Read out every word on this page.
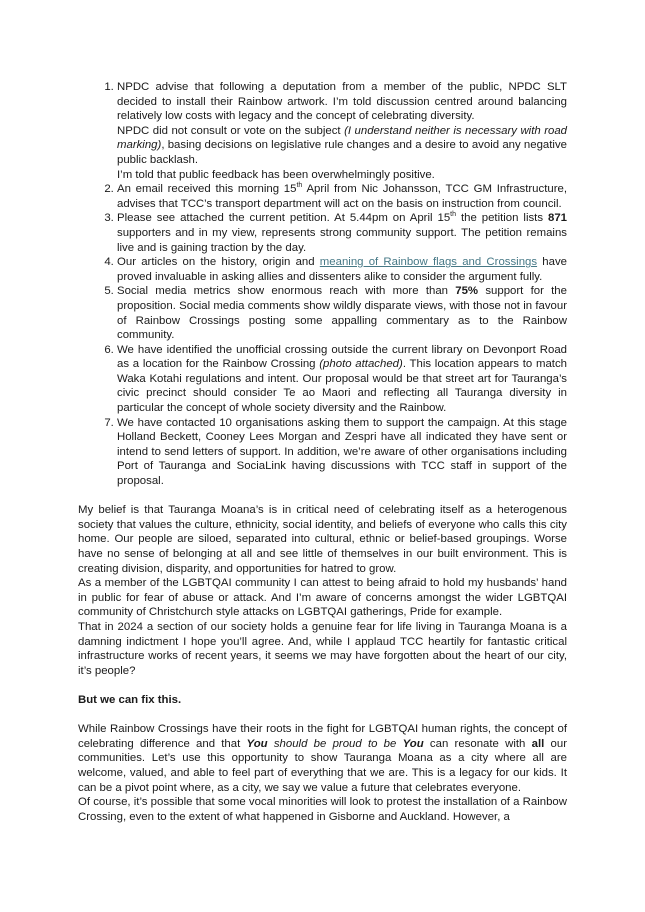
1. NPDC advise that following a deputation from a member of the public, NPDC SLT decided to install their Rainbow artwork. I’m told discussion centred around balancing relatively low costs with legacy and the concept of celebrating diversity.

NPDC did not consult or vote on the subject (I understand neither is necessary with road marking), basing decisions on legislative rule changes and a desire to avoid any negative public backlash.

I’m told that public feedback has been overwhelmingly positive.

2. An email received this morning 15th April from Nic Johansson, TCC GM Infrastructure, advises that TCC’s transport department will act on the basis on instruction from council.

3. Please see attached the current petition. At 5.44pm on April 15th the petition lists 871 supporters and in my view, represents strong community support. The petition remains live and is gaining traction by the day.

4. Our articles on the history, origin and meaning of Rainbow flags and Crossings have proved invaluable in asking allies and dissenters alike to consider the argument fully.

5. Social media metrics show enormous reach with more than 75% support for the proposition. Social media comments show wildly disparate views, with those not in favour of Rainbow Crossings posting some appalling commentary as to the Rainbow community.

6. We have identified the unofficial crossing outside the current library on Devonport Road as a location for the Rainbow Crossing (photo attached). This location appears to match Waka Kotahi regulations and intent. Our proposal would be that street art for Tauranga’s civic precinct should consider Te ao Maori and reflecting all Tauranga diversity in particular the concept of whole society diversity and the Rainbow.

7. We have contacted 10 organisations asking them to support the campaign. At this stage Holland Beckett, Cooney Lees Morgan and Zespri have all indicated they have sent or intend to send letters of support. In addition, we’re aware of other organisations including Port of Tauranga and SociaLink having discussions with TCC staff in support of the proposal.

My belief is that Tauranga Moana’s is in critical need of celebrating itself as a heterogenous society that values the culture, ethnicity, social identity, and beliefs of everyone who calls this city home. Our people are siloed, separated into cultural, ethnic or belief-based groupings. Worse have no sense of belonging at all and see little of themselves in our built environment. This is creating division, disparity, and opportunities for hatred to grow.

As a member of the LGBTQAI community I can attest to being afraid to hold my husbands’ hand in public for fear of abuse or attack. And I’m aware of concerns amongst the wider LGBTQAI community of Christchurch style attacks on LGBTQAI gatherings, Pride for example.

That in 2024 a section of our society holds a genuine fear for life living in Tauranga Moana is a damning indictment I hope you’ll agree. And, while I applaud TCC heartily for fantastic critical infrastructure works of recent years, it seems we may have forgotten about the heart of our city, it’s people?

But we can fix this.

While Rainbow Crossings have their roots in the fight for LGBTQAI human rights, the concept of celebrating difference and that You should be proud to be You can resonate with all our communities. Let’s use this opportunity to show Tauranga Moana as a city where all are welcome, valued, and able to feel part of everything that we are. This is a legacy for our kids. It can be a pivot point where, as a city, we say we value a future that celebrates everyone.

Of course, it’s possible that some vocal minorities will look to protest the installation of a Rainbow Crossing, even to the extent of what happened in Gisborne and Auckland. However, a
